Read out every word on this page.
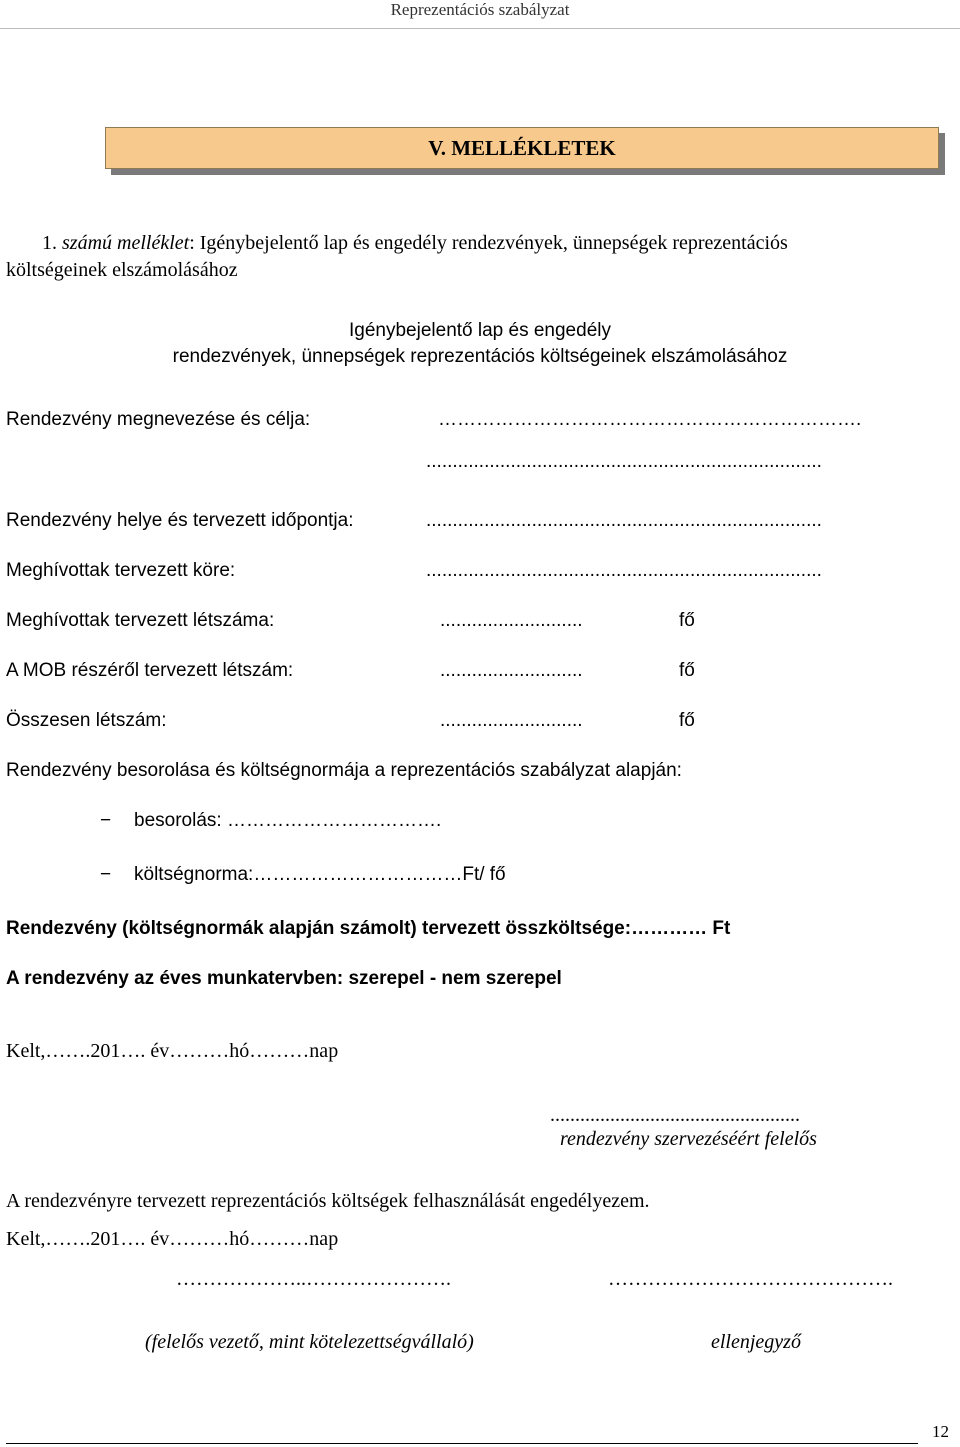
Reprezentációs szabályzat
V. MELLÉKLETEK
1. számú melléklet: Igénybejelentő lap és engedély rendezvények, ünnepségek reprezentációs
költségeinek elszámolásához
Igénybejelentő lap és engedély
rendezvények, ünnepségek reprezentációs költségeinek elszámolásához
Rendezvény megnevezése és célja:	………………………………………………………….
...........................................................................
Rendezvény helye és tervezett időpontja:	...........................................................................
Meghívottak tervezett köre:	...........................................................................
Meghívottak tervezett létszáma:	...........................	fő
A MOB részéről tervezett létszám:	...........................	fő
Összesen létszám:	...........................	fő
Rendezvény besorolása és költségnormája a reprezentációs szabályzat alapján:
− besorolás: …………………………….
− költségnorma:……………………………Ft/ fő
Rendezvény (költségnormák alapján számolt) tervezett összköltsége:………… Ft
A rendezvény az éves munkatervben: szerepel - nem szerepel
Kelt,…….201…. év………hó………nap
..................................................
rendezvény szervezéséért felelős
A rendezvényre tervezett reprezentációs költségek felhasználását engedélyezem.
Kelt,…….201…. év………hó………nap
………………..………………….	…………………………………….
(felelős vezető, mint kötelezettségvállaló)	ellenjegyző
12
